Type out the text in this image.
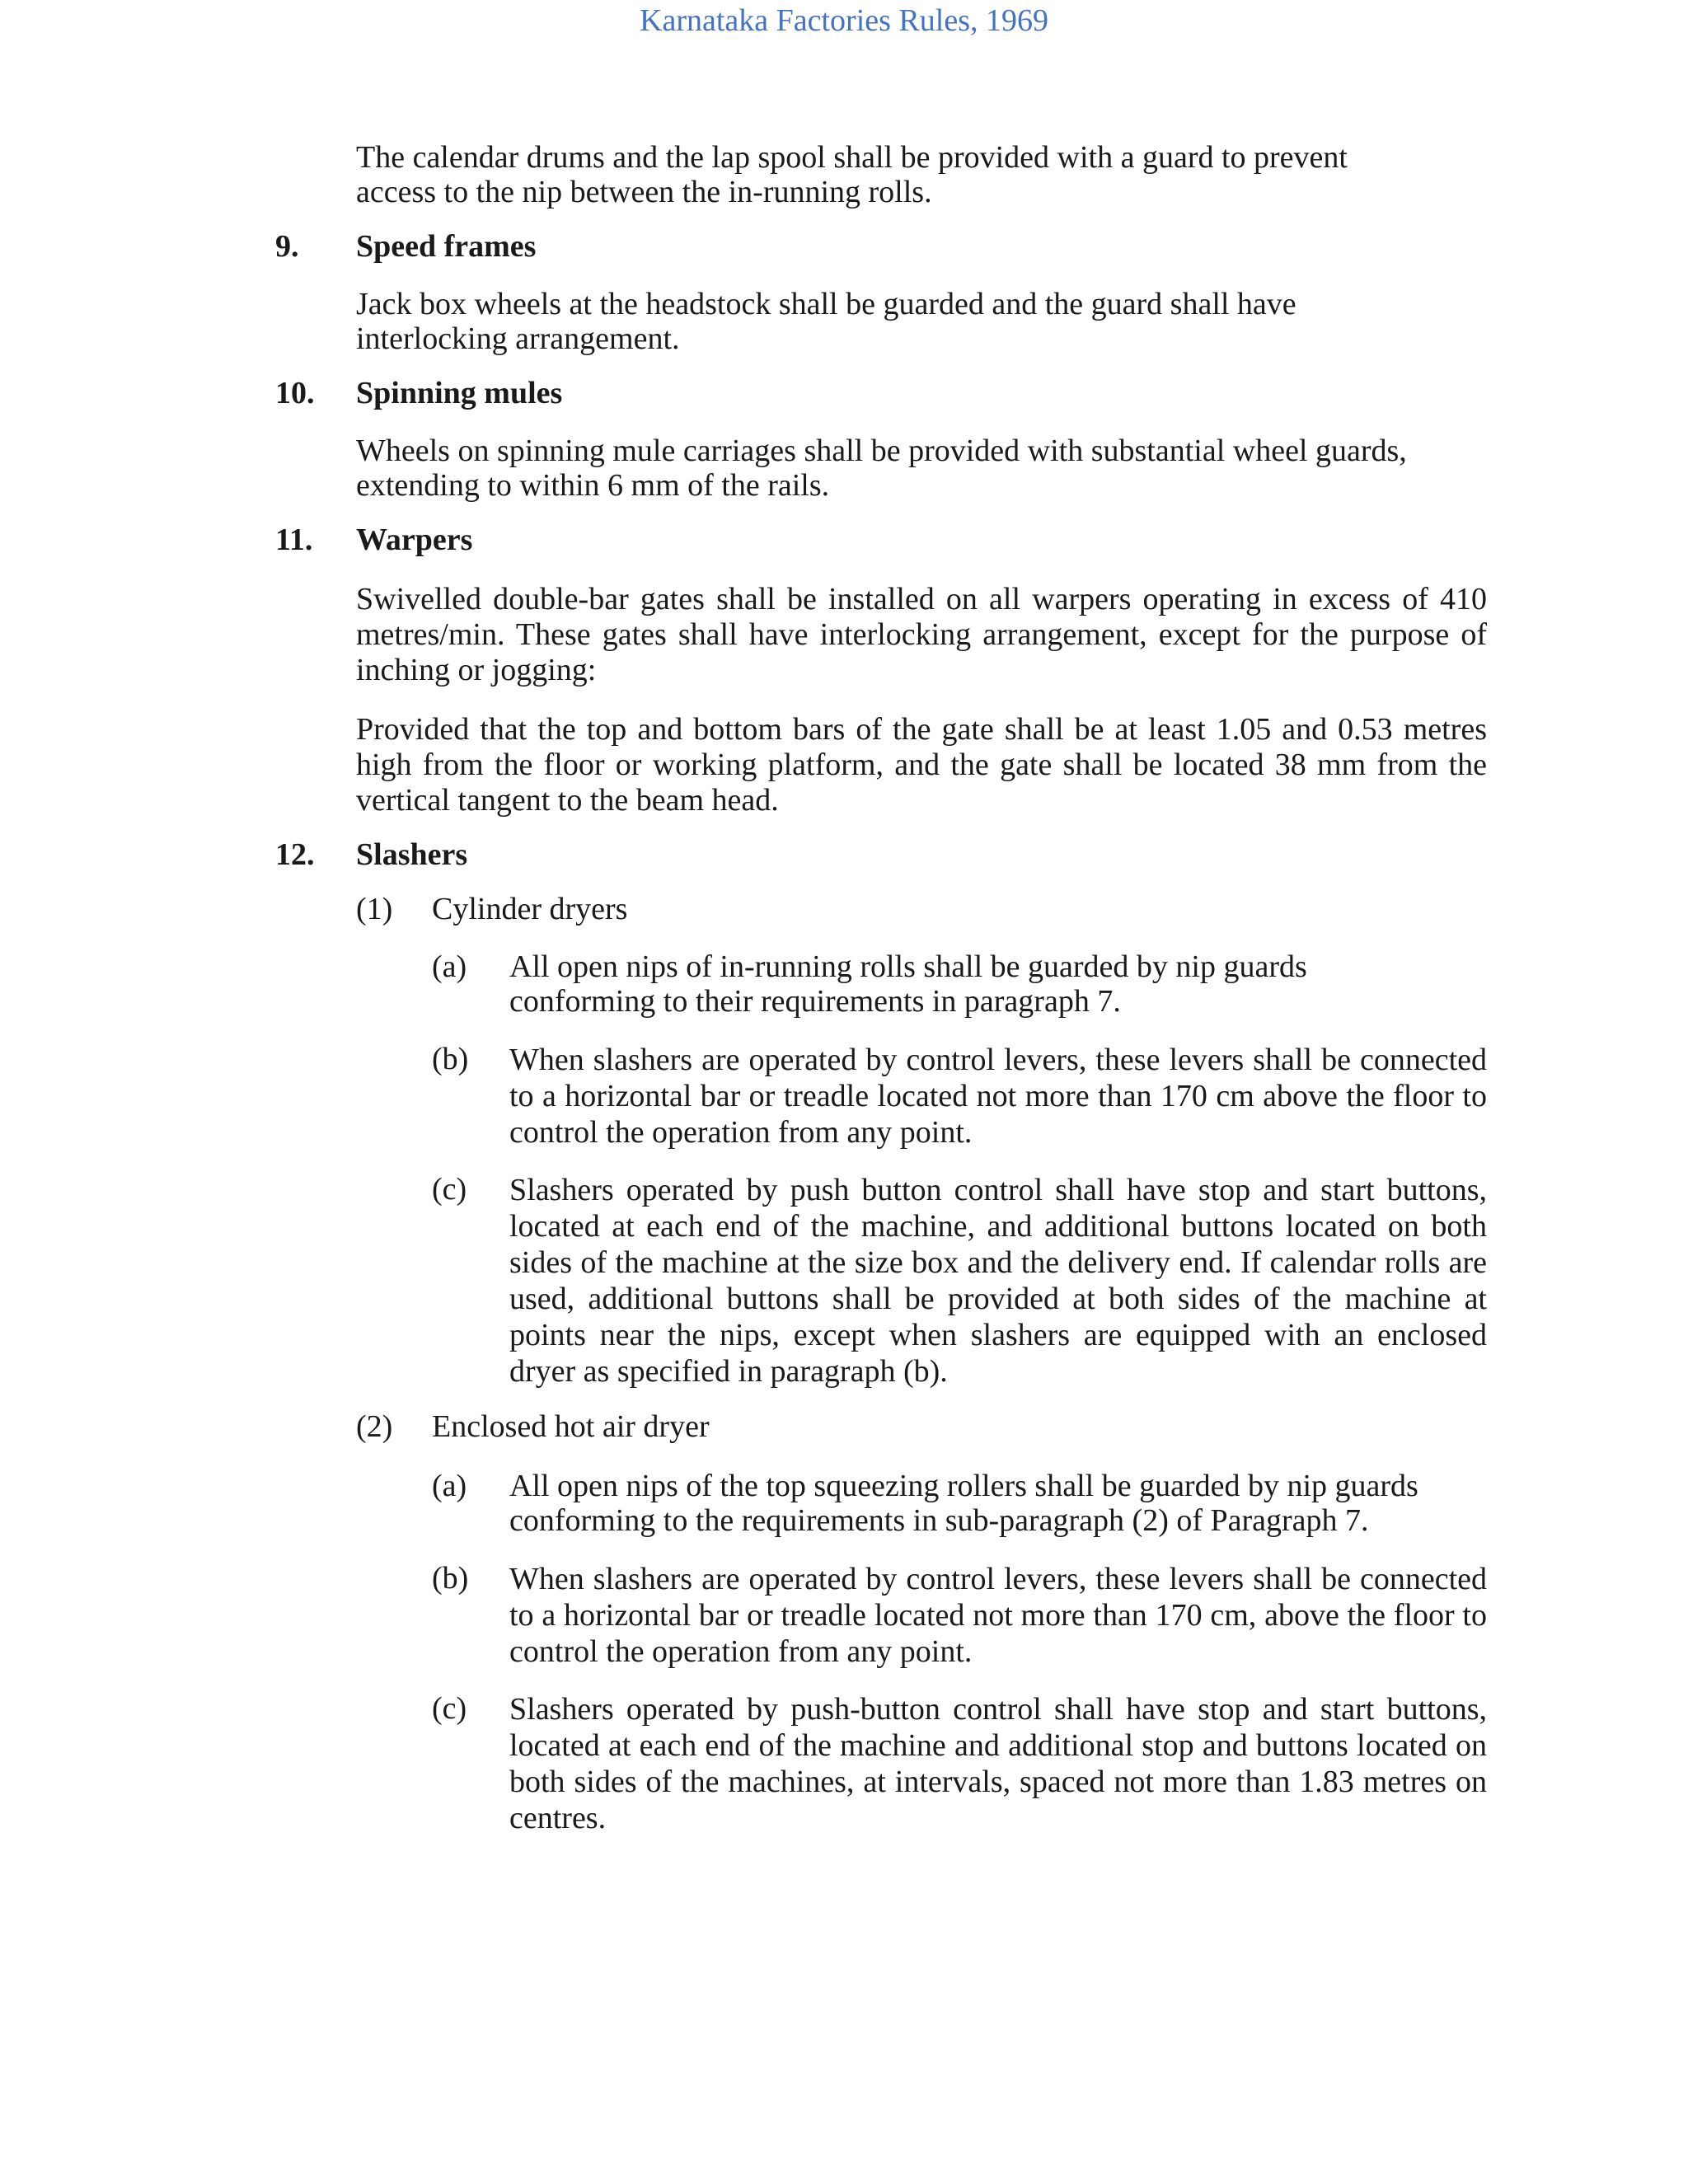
Karnataka Factories Rules, 1969
The calendar drums and the lap spool shall be provided with a guard to prevent access to the nip between the in-running rolls.
9. Speed frames
Jack box wheels at the headstock shall be guarded and the guard shall have interlocking arrangement.
10. Spinning mules
Wheels on spinning mule carriages shall be provided with substantial wheel guards, extending to within 6 mm of the rails.
11. Warpers
Swivelled double-bar gates shall be installed on all warpers operating in excess of 410 metres/min. These gates shall have interlocking arrangement, except for the purpose of inching or jogging:
Provided that the top and bottom bars of the gate shall be at least 1.05 and 0.53 metres high from the floor or working platform, and the gate shall be located 38 mm from the vertical tangent to the beam head.
12. Slashers
(1) Cylinder dryers
(a) All open nips of in-running rolls shall be guarded by nip guards conforming to their requirements in paragraph 7.
(b) When slashers are operated by control levers, these levers shall be connected to a horizontal bar or treadle located not more than 170 cm above the floor to control the operation from any point.
(c) Slashers operated by push button control shall have stop and start buttons, located at each end of the machine, and additional buttons located on both sides of the machine at the size box and the delivery end. If calendar rolls are used, additional buttons shall be provided at both sides of the machine at points near the nips, except when slashers are equipped with an enclosed dryer as specified in paragraph (b).
(2) Enclosed hot air dryer
(a) All open nips of the top squeezing rollers shall be guarded by nip guards conforming to the requirements in sub-paragraph (2) of Paragraph 7.
(b) When slashers are operated by control levers, these levers shall be connected to a horizontal bar or treadle located not more than 170 cm, above the floor to control the operation from any point.
(c) Slashers operated by push-button control shall have stop and start buttons, located at each end of the machine and additional stop and buttons located on both sides of the machines, at intervals, spaced not more than 1.83 metres on centres.
